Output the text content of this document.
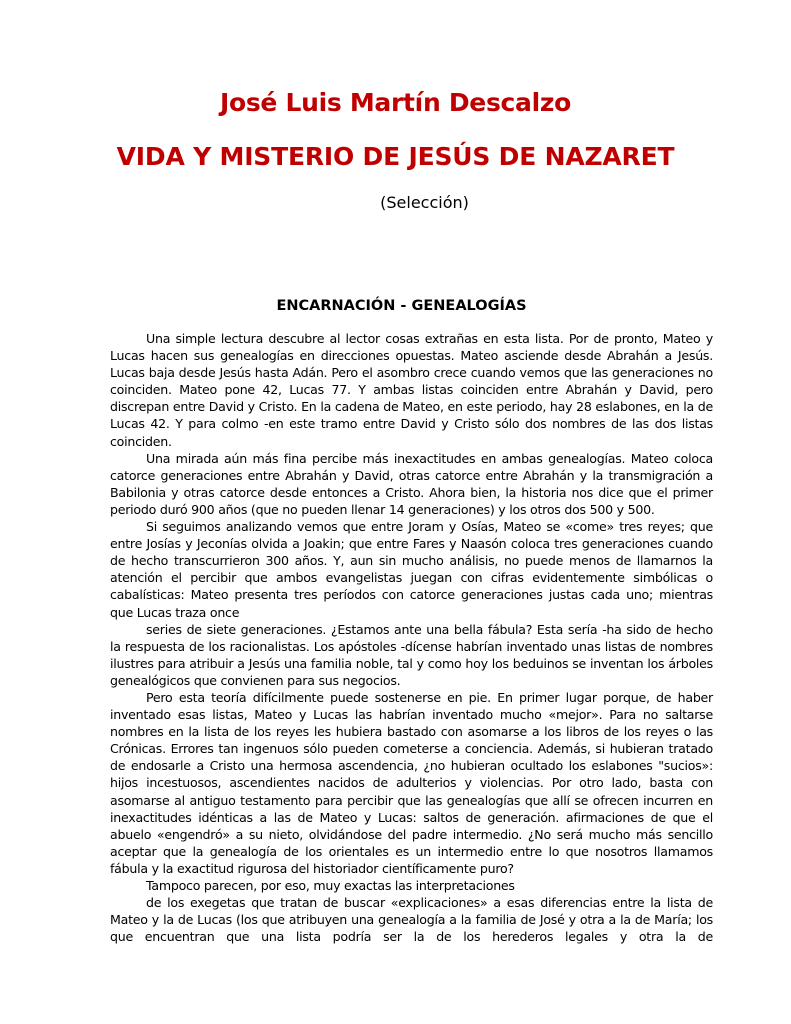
José Luis Martín Descalzo
VIDA Y MISTERIO DE JESÚS DE NAZARET
(Selección)
ENCARNACIÓN - GENEALOGÍAS

Una simple lectura descubre al lector cosas extrañas en esta lista. Por de pronto, Mateo y Lucas hacen sus genealogías en direcciones opuestas. Mateo asciende desde Abrahán a Jesús. Lucas baja desde Jesús hasta Adán. Pero el asombro crece cuando vemos que las generaciones no coinciden. Mateo pone 42, Lucas 77. Y ambas listas coinciden entre Abrahán y David, pero discrepan entre David y Cristo. En la cadena de Mateo, en este periodo, hay 28 eslabones, en la de Lucas 42. Y para colmo -en este tramo entre David y Cristo sólo dos nombres de las dos listas coinciden.

Una mirada aún más fina percibe más inexactitudes en ambas genealogías. Mateo coloca catorce generaciones entre Abrahán y David, otras catorce entre Abrahán y la transmigración a Babilonia y otras catorce desde entonces a Cristo. Ahora bien, la historia nos dice que el primer periodo duró 900 años (que no pueden llenar 14 generaciones) y los otros dos 500 y 500.

Si seguimos analizando vemos que entre Joram y Osías, Mateo se «come» tres reyes; que entre Josías y Jeconías olvida a Joakin; que entre Fares y Naasón coloca tres generaciones cuando de hecho transcurrieron 300 años. Y, aun sin mucho análisis, no puede menos de llamarnos la atención el percibir que ambos evangelistas juegan con cifras evidentemente simbólicas o cabalísticas: Mateo presenta tres períodos con catorce generaciones justas cada uno; mientras que Lucas traza once

series de siete generaciones. ¿Estamos ante una bella fábula? Esta sería -ha sido de hecho la respuesta de los racionalistas. Los apóstoles -dícense habrían inventado unas listas de nombres ilustres para atribuir a Jesús una familia noble, tal y como hoy los beduinos se inventan los árboles genealógicos que convienen para sus negocios.

Pero esta teoría difícilmente puede sostenerse en pie. En primer lugar porque, de haber inventado esas listas, Mateo y Lucas las habrían inventado mucho «mejor». Para no saltarse nombres en la lista de los reyes les hubiera bastado con asomarse a los libros de los reyes o las Crónicas. Errores tan ingenuos sólo pueden cometerse a conciencia. Además, si hubieran tratado de endosarle a Cristo una hermosa ascendencia, ¿no hubieran ocultado los eslabones "sucios»: hijos incestuosos, ascendientes nacidos de adulterios y violencias. Por otro lado, basta con asomarse al antiguo testamento para percibir que las genealogías que allí se ofrecen incurren en inexactitudes idénticas a las de Mateo y Lucas: saltos de generación. afirmaciones de que el abuelo «engendró» a su nieto, olvidándose del padre intermedio. ¿No será mucho más sencillo aceptar que la genealogía de los orientales es un intermedio entre lo que nosotros llamamos fábula y la exactitud rigurosa del historiador científicamente puro?

Tampoco parecen, por eso, muy exactas las interpretaciones

de los exegetas que tratan de buscar «explicaciones» a esas diferencias entre la lista de Mateo y la de Lucas (los que atribuyen una genealogía a la familia de José y otra a la de María; los que encuentran que una lista podría ser la de los herederos legales y otra la de
